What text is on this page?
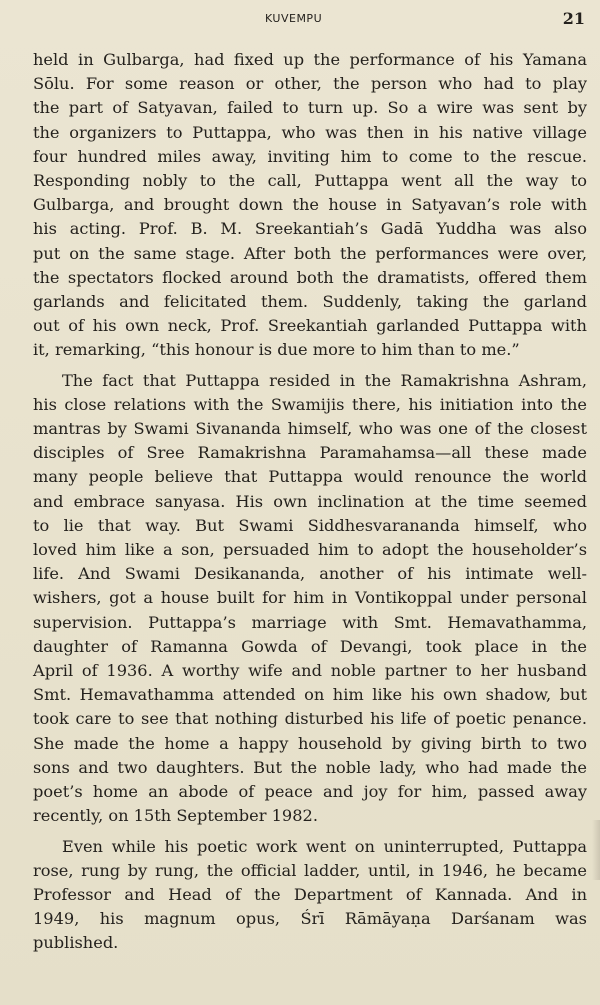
KUVEMPU	21
held in Gulbarga, had fixed up the performance of his Yamana
Sōlu. For some reason or other, the person who had to play
the part of Satyavan, failed to turn up. So a wire was sent by
the organizers to Puttappa, who was then in his native village
four hundred miles away, inviting him to come to the rescue.
Responding nobly to the call, Puttappa went all the way to
Gulbarga, and brought down the house in Satyavan’s role with
his acting. Prof. B. M. Sreekantiah’s Gadā Yuddha was also
put on the same stage. After both the performances were over,
the spectators flocked around both the dramatists, offered them
garlands and felicitated them. Suddenly, taking the garland
out of his own neck, Prof. Sreekantiah garlanded Puttappa with
it, remarking, “this honour is due more to him than to me.”
The fact that Puttappa resided in the Ramakrishna Ashram,
his close relations with the Swamijis there, his initiation into the
mantras by Swami Sivananda himself, who was one of the closest
disciples of Sree Ramakrishna Paramahamsa—all these made
many people believe that Puttappa would renounce the world
and embrace sanyasa. His own inclination at the time seemed
to lie that way. But Swami Siddhesvarananda himself, who
loved him like a son, persuaded him to adopt the householder’s
life. And Swami Desikananda, another of his intimate well-
wishers, got a house built for him in Vontikoppal under personal
supervision. Puttappa’s marriage with Smt. Hemavathamma,
daughter of Ramanna Gowda of Devangi, took place in the
April of 1936. A worthy wife and noble partner to her husband
Smt. Hemavathamma attended on him like his own shadow, but
took care to see that nothing disturbed his life of poetic penance.
She made the home a happy household by giving birth to two
sons and two daughters. But the noble lady, who had made the
poet’s home an abode of peace and joy for him, passed away
recently, on 15th September 1982.
Even while his poetic work went on uninterrupted, Puttappa
rose, rung by rung, the official ladder, until, in 1946, he became
Professor and Head of the Department of Kannada. And in
1949, his magnum opus, Śrī Rāmāyaṇa Darśanam was
published.
